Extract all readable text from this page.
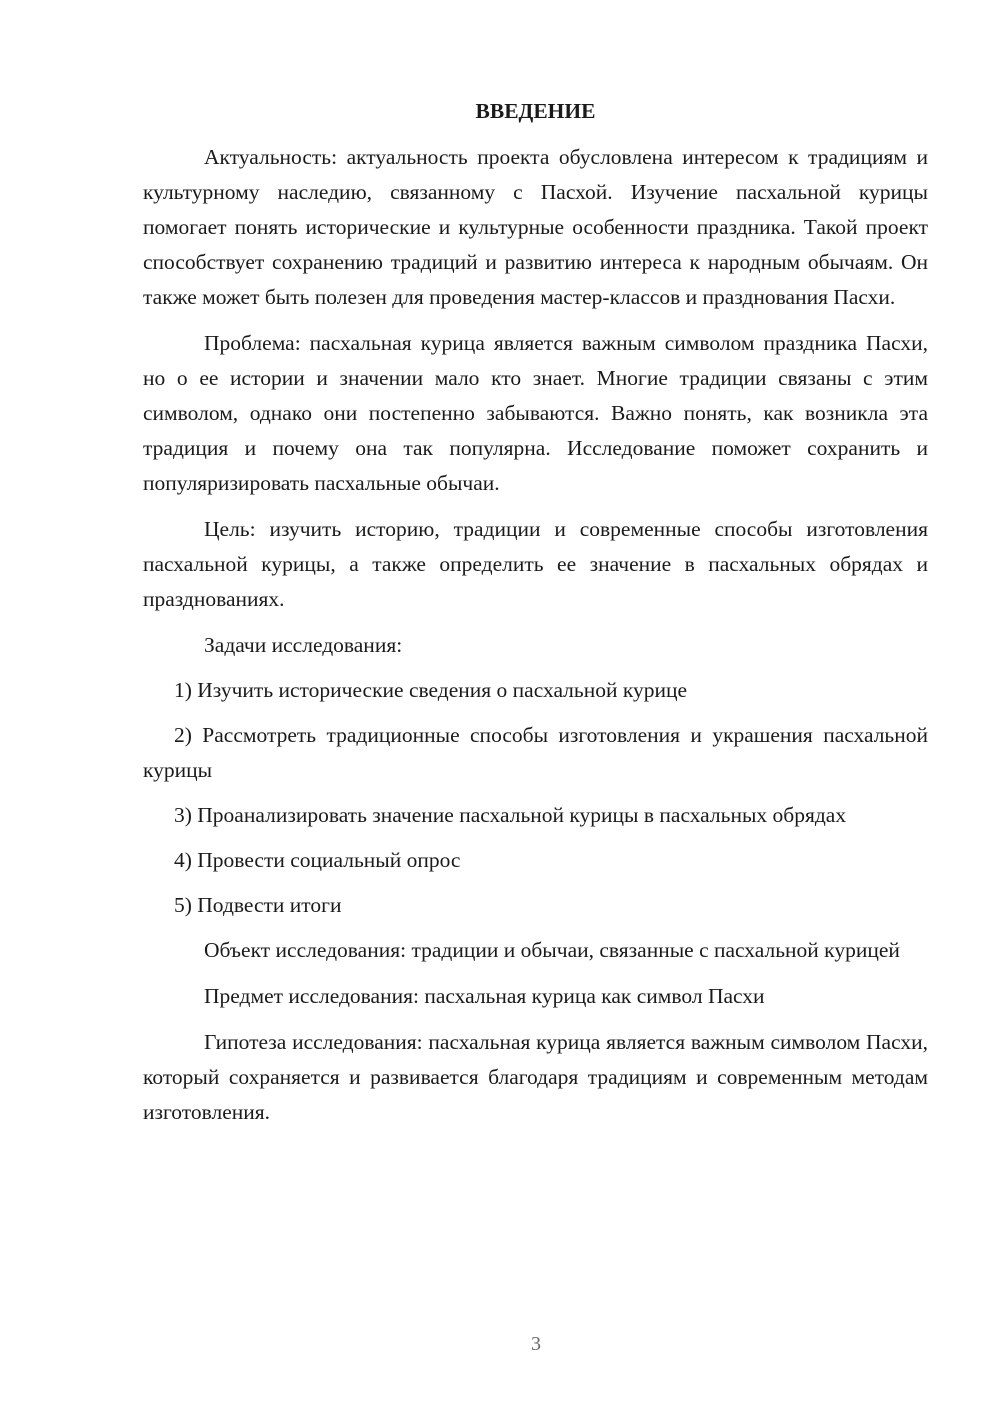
ВВЕДЕНИЕ

Актуальность: актуальность проекта обусловлена интересом к традициям и культурному наследию, связанному с Пасхой. Изучение пасхальной курицы помогает понять исторические и культурные особенности праздника. Такой проект способствует сохранению традиций и развитию интереса к народным обычаям. Он также может быть полезен для проведения мастер-классов и празднования Пасхи.

Проблема: пасхальная курица является важным символом праздника Пасхи, но о ее истории и значении мало кто знает. Многие традиции связаны с этим символом, однако они постепенно забываются. Важно понять, как возникла эта традиция и почему она так популярна. Исследование поможет сохранить и популяризировать пасхальные обычаи.

Цель: изучить историю, традиции и современные способы изготовления пасхальной курицы, а также определить ее значение в пасхальных обрядах и празднованиях.

Задачи исследования:

1) Изучить исторические сведения о пасхальной курице

2) Рассмотреть традиционные способы изготовления и украшения пасхальной курицы

3) Проанализировать значение пасхальной курицы в пасхальных обрядах

4) Провести социальный опрос

5) Подвести итоги

Объект исследования: традиции и обычаи, связанные с пасхальной курицей

Предмет исследования: пасхальная курица как символ Пасхи

Гипотеза исследования: пасхальная курица является важным символом Пасхи, который сохраняется и развивается благодаря традициям и современным методам изготовления.

3
